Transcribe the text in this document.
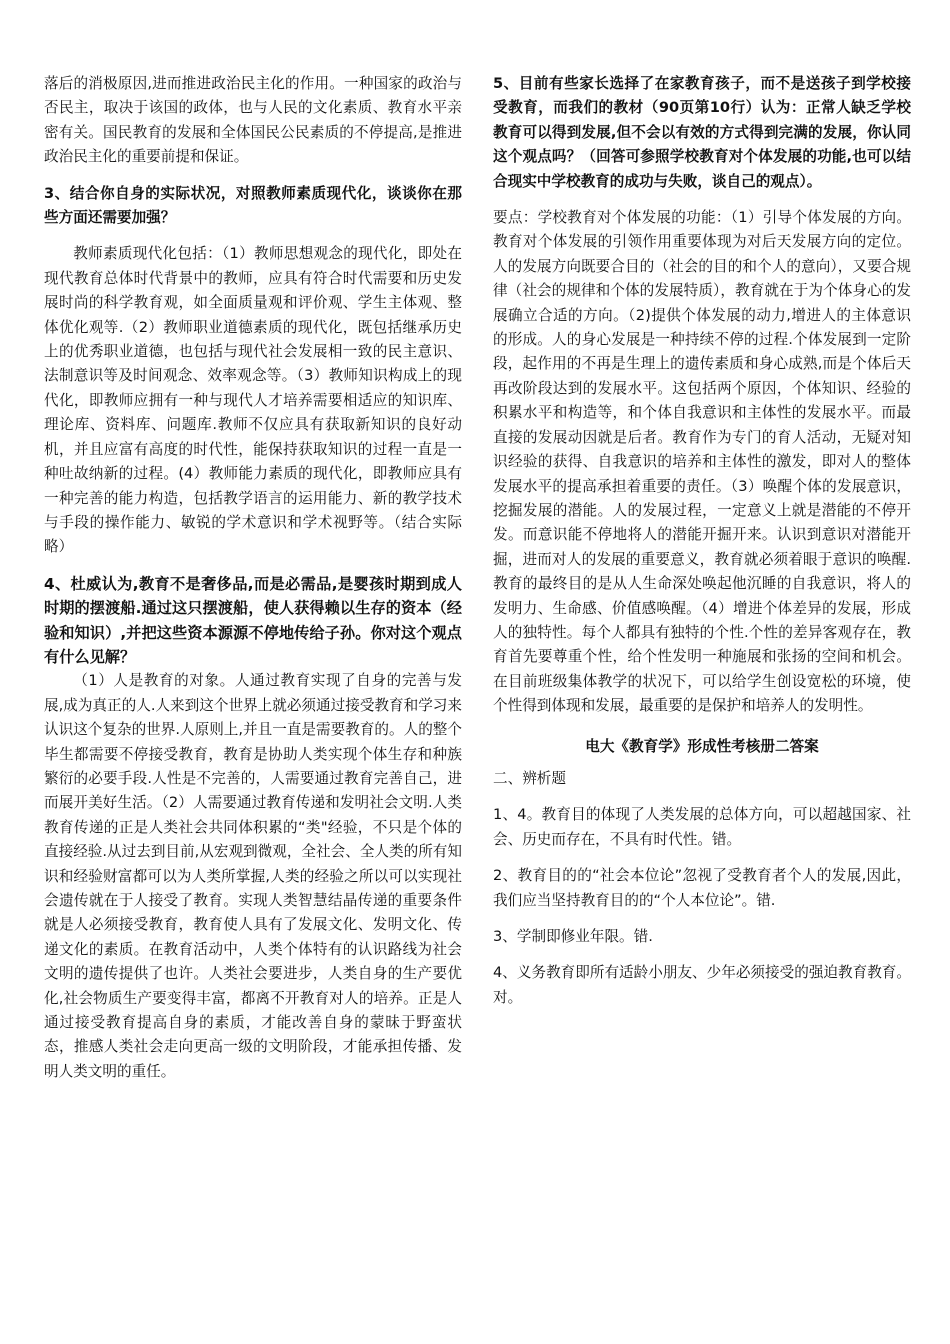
落后的消极原因,进而推进政治民主化的作用。一种国家的政治与否民主，取决于该国的政体，也与人民的文化素质、教育水平亲密有关。国民教育的发展和全体国民公民素质的不停提高,是推进政治民主化的重要前提和保证。

3、结合你自身的实际状况，对照教师素质现代化，谈谈你在那些方面还需要加强？

教师素质现代化包括：（1）教师思想观念的现代化，即处在现代教育总体时代背景中的教师，应具有符合时代需要和历史发展时尚的科学教育观，如全面质量观和评价观、学生主体观、整体优化观等.（2）教师职业道德素质的现代化，既包括继承历史上的优秀职业道德，也包括与现代社会发展相一致的民主意识、法制意识等及时间观念、效率观念等。（3）教师知识构成上的现代化，即教师应拥有一种与现代人才培养需要相适应的知识库、理论库、资料库、问题库.教师不仅应具有获取新知识的良好动机，并且应富有高度的时代性，能保持获取知识的过程一直是一种吐故纳新的过程。(4）教师能力素质的现代化，即教师应具有一种完善的能力构造，包括教学语言的运用能力、新的教学技术与手段的操作能力、敏锐的学术意识和学术视野等。（结合实际略）

4、杜威认为,教育不是奢侈品,而是必需品,是婴孩时期到成人时期的摆渡船.通过这只摆渡船，使人获得赖以生存的资本（经验和知识）,并把这些资本源源不停地传给子孙。你对这个观点有什么见解？

（1）人是教育的对象。人通过教育实现了自身的完善与发展,成为真正的人.人来到这个世界上就必须通过接受教育和学习来认识这个复杂的世界.人原则上,并且一直是需要教育的。人的整个毕生都需要不停接受教育，教育是协助人类实现个体生存和种族繁衍的必要手段.人性是不完善的，人需要通过教育完善自己，进而展开美好生活。（2）人需要通过教育传递和发明社会文明.人类教育传递的正是人类社会共同体积累的“类"经验，不只是个体的直接经验.从过去到目前,从宏观到微观，全社会、全人类的所有知识和经验财富都可以为人类所掌握,人类的经验之所以可以实现社会遗传就在于人接受了教育。实现人类智慧结晶传递的重要条件就是人必须接受教育，教育使人具有了发展文化、发明文化、传递文化的素质。在教育活动中，人类个体特有的认识路线为社会文明的遗传提供了也许。人类社会要进步，人类自身的生产要优化,社会物质生产要变得丰富，都离不开教育对人的培养。正是人通过接受教育提高自身的素质，才能改善自身的蒙昧于野蛮状态，推感人类社会走向更高一级的文明阶段，才能承担传播、发明人类文明的重任。

5、目前有些家长选择了在家教育孩子，而不是送孩子到学校接受教育，而我们的教材（90页第10行）认为：正常人缺乏学校教育可以得到发展,但不会以有效的方式得到完满的发展，你认同这个观点吗？（回答可参照学校教育对个体发展的功能,也可以结合现实中学校教育的成功与失败，谈自己的观点）。

要点：学校教育对个体发展的功能：（1）引导个体发展的方向。教育对个体发展的引领作用重要体现为对后天发展方向的定位。人的发展方向既要合目的（社会的目的和个人的意向），又要合规律（社会的规律和个体的发展特质），教育就在于为个体身心的发展确立合适的方向。（2)提供个体发展的动力,增进人的主体意识的形成。人的身心发展是一种持续不停的过程.个体发展到一定阶段，起作用的不再是生理上的遗传素质和身心成熟,而是个体后天再改阶段达到的发展水平。这包括两个原因，个体知识、经验的积累水平和构造等，和个体自我意识和主体性的发展水平。而最直接的发展动因就是后者。教育作为专门的育人活动，无疑对知识经验的获得、自我意识的培养和主体性的激发，即对人的整体发展水平的提高承担着重要的责任。（3）唤醒个体的发展意识，挖掘发展的潜能。人的发展过程，一定意义上就是潜能的不停开发。而意识能不停地将人的潜能开掘开来。认识到意识对潜能开掘，进而对人的发展的重要意义，教育就必须着眼于意识的唤醒.教育的最终目的是从人生命深处唤起他沉睡的自我意识，将人的发明力、生命感、价值感唤醒。（4）增进个体差异的发展，形成人的独特性。每个人都具有独特的个性.个性的差异客观存在，教育首先要尊重个性，给个性发明一种施展和张扬的空间和机会。在目前班级集体教学的状况下，可以给学生创设宽松的环境，使个性得到体现和发展，最重要的是保护和培养人的发明性。

电大《教育学》形成性考核册二答案

二、辨析题

1、4。教育目的体现了人类发展的总体方向，可以超越国家、社会、历史而存在，不具有时代性。错。

2、教育目的的“社会本位论”忽视了受教育者个人的发展,因此，我们应当坚持教育目的的“个人本位论”。错.

3、学制即修业年限。错.

4、义务教育即所有适龄小朋友、少年必须接受的强迫教育教育。对。
